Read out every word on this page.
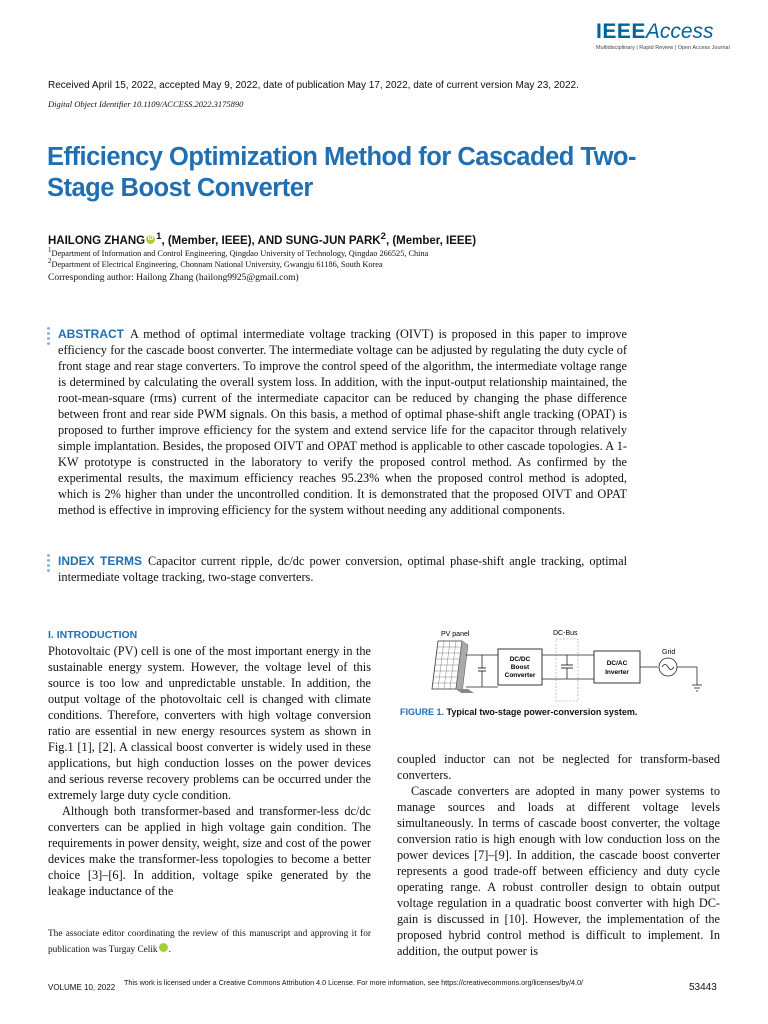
IEEEAccess
Multidisciplinary | Rapid Review | Open Access Journal
Received April 15, 2022, accepted May 9, 2022, date of publication May 17, 2022, date of current version May 23, 2022.
Digital Object Identifier 10.1109/ACCESS.2022.3175890
Efficiency Optimization Method for Cascaded Two-Stage Boost Converter
HAILONG ZHANG iD $^1$, (Member, IEEE), AND SUNG-JUN PARK$^2$, (Member, IEEE)
$^1$Department of Information and Control Engineering, Qingdao University of Technology, Qingdao 266525, China
$^2$Department of Electrical Engineering, Chonnam National University, Gwangju 61186, South Korea
Corresponding author: Hailong Zhang (hailong9925@gmail.com)

ABSTRACT A method of optimal intermediate voltage tracking (OIVT) is proposed in this paper to improve efficiency for the cascade boost converter. The intermediate voltage can be adjusted by regulating the duty cycle of front stage and rear stage converters. To improve the control speed of the algorithm, the intermediate voltage range is determined by calculating the overall system loss. In addition, with the input-output relationship maintained, the root-mean-square (rms) current of the intermediate capacitor can be reduced by changing the phase difference between front and rear side PWM signals. On this basis, a method of optimal phase-shift angle tracking (OPAT) is proposed to further improve efficiency for the system and extend service life for the capacitor through relatively simple implantation. Besides, the proposed OIVT and OPAT method is applicable to other cascade topologies. A 1-KW prototype is constructed in the laboratory to verify the proposed control method. As confirmed by the experimental results, the maximum efficiency reaches 95.23% when the proposed control method is adopted, which is 2% higher than under the uncontrolled condition. It is demonstrated that the proposed OIVT and OPAT method is effective in improving efficiency for the system without needing any additional components.

INDEX TERMS Capacitor current ripple, dc/dc power conversion, optimal phase-shift angle tracking, optimal intermediate voltage tracking, two-stage converters.

I. INTRODUCTION

Photovoltaic (PV) cell is one of the most important energy in the sustainable energy system. However, the voltage level of this source is too low and unpredictable unstable. In addition, the output voltage of the photovoltaic cell is changed with climate conditions. Therefore, converters with high voltage conversion ratio are essential in new energy resources system as shown in Fig.1 [1], [2]. A classical boost converter is widely used in these applications, but high conduction losses on the power devices and serious reverse recovery problems can be occurred under the extremely large duty cycle condition.

Although both transformer-based and transformer-less dc/dc converters can be applied in high voltage gain condition. The requirements in power density, weight, size and cost of the power devices make the transformer-less topologies to become a better choice [3]–[6]. In addition, voltage spike generated by the leakage inductance of the

The associate editor coordinating the review of this manuscript and approving it for publication was Turgay Celik	iD.
PV panel
DC/DC
Boost
Converter
DC-Bus
DC/AC
Inverter
Grid
FIGURE 1. Typical two-stage power-conversion system.

coupled inductor can not be neglected for transform-based converters.

Cascade converters are adopted in many power systems to manage sources and loads at different voltage levels simultaneously. In terms of cascade boost converter, the voltage conversion ratio is high enough with low conduction loss on the power devices [7]–[9]. In addition, the cascade boost converter represents a good trade-off between efficiency and duty cycle operating range. A robust controller design to obtain output voltage regulation in a quadratic boost converter with high DC-gain is discussed in [10]. However, the implementation of the proposed hybrid control method is difficult to implement. In addition, the output power is

VOLUME 10, 2022
This work is licensed under a Creative Commons Attribution 4.0 License. For more information, see https://creativecommons.org/licenses/by/4.0/	53443
